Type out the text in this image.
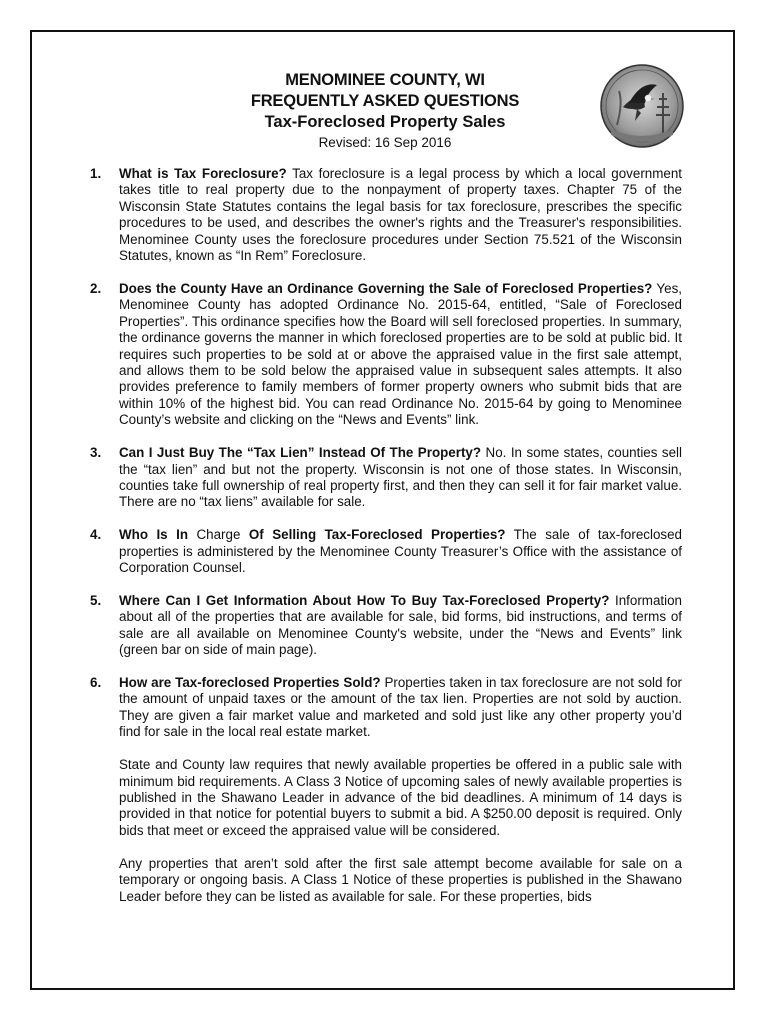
MENOMINEE COUNTY, WI
FREQUENTLY ASKED QUESTIONS
Tax-Foreclosed Property Sales
Revised: 16 Sep 2016
1. What is Tax Foreclosure? Tax foreclosure is a legal process by which a local government takes title to real property due to the nonpayment of property taxes. Chapter 75 of the Wisconsin State Statutes contains the legal basis for tax foreclosure, prescribes the specific procedures to be used, and describes the owner's rights and the Treasurer's responsibilities. Menominee County uses the foreclosure procedures under Section 75.521 of the Wisconsin Statutes, known as “In Rem” Foreclosure.
2. Does the County Have an Ordinance Governing the Sale of Foreclosed Properties? Yes, Menominee County has adopted Ordinance No. 2015-64, entitled, “Sale of Foreclosed Properties”. This ordinance specifies how the Board will sell foreclosed properties. In summary, the ordinance governs the manner in which foreclosed properties are to be sold at public bid. It requires such properties to be sold at or above the appraised value in the first sale attempt, and allows them to be sold below the appraised value in subsequent sales attempts. It also provides preference to family members of former property owners who submit bids that are within 10% of the highest bid. You can read Ordinance No. 2015-64 by going to Menominee County’s website and clicking on the “News and Events” link.
3. Can I Just Buy The “Tax Lien” Instead Of The Property? No. In some states, counties sell the “tax lien” and but not the property. Wisconsin is not one of those states. In Wisconsin, counties take full ownership of real property first, and then they can sell it for fair market value. There are no “tax liens” available for sale.
4. Who Is In Charge Of Selling Tax-Foreclosed Properties? The sale of tax-foreclosed properties is administered by the Menominee County Treasurer’s Office with the assistance of Corporation Counsel.
5. Where Can I Get Information About How To Buy Tax-Foreclosed Property? Information about all of the properties that are available for sale, bid forms, bid instructions, and terms of sale are all available on Menominee County's website, under the “News and Events” link (green bar on side of main page).
6. How are Tax-foreclosed Properties Sold? Properties taken in tax foreclosure are not sold for the amount of unpaid taxes or the amount of the tax lien. Properties are not sold by auction. They are given a fair market value and marketed and sold just like any other property you’d find for sale in the local real estate market.
State and County law requires that newly available properties be offered in a public sale with minimum bid requirements. A Class 3 Notice of upcoming sales of newly available properties is published in the Shawano Leader in advance of the bid deadlines. A minimum of 14 days is provided in that notice for potential buyers to submit a bid. A $250.00 deposit is required. Only bids that meet or exceed the appraised value will be considered.
Any properties that aren’t sold after the first sale attempt become available for sale on a temporary or ongoing basis. A Class 1 Notice of these properties is published in the Shawano Leader before they can be listed as available for sale. For these properties, bids
